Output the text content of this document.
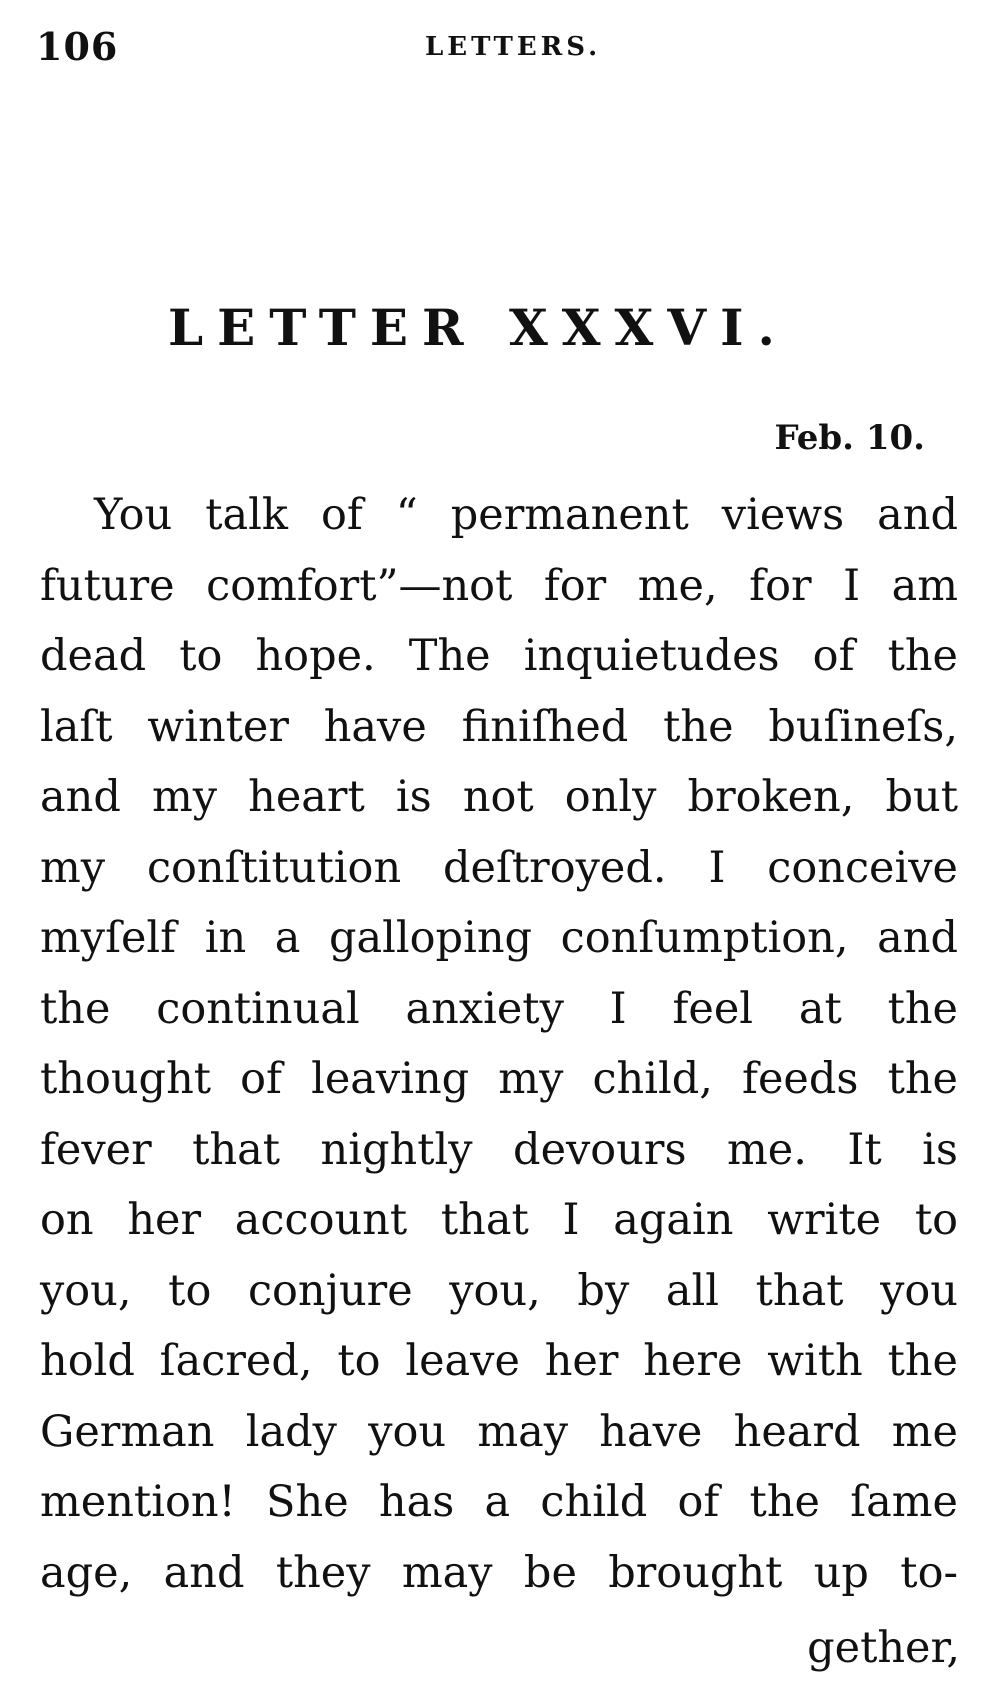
106	LETTERS.
LETTER XXXVI.
Feb. 10.
You talk of “ permanent views and
future comfort”—not for me, for I am
dead to hope. The inquietudes of the
laſt winter have finiſhed the buſineſs,
and my heart is not only broken, but
my conſtitution deſtroyed. I conceive
myſelf in a galloping conſumption, and
the continual anxiety I feel at the
thought of leaving my child, feeds the
fever that nightly devours me. It is
on her account that I again write to
you, to conjure you, by all that you
hold ſacred, to leave her here with the
German lady you may have heard me
mention! She has a child of the ſame
age, and they may be brought up to-
gether,
